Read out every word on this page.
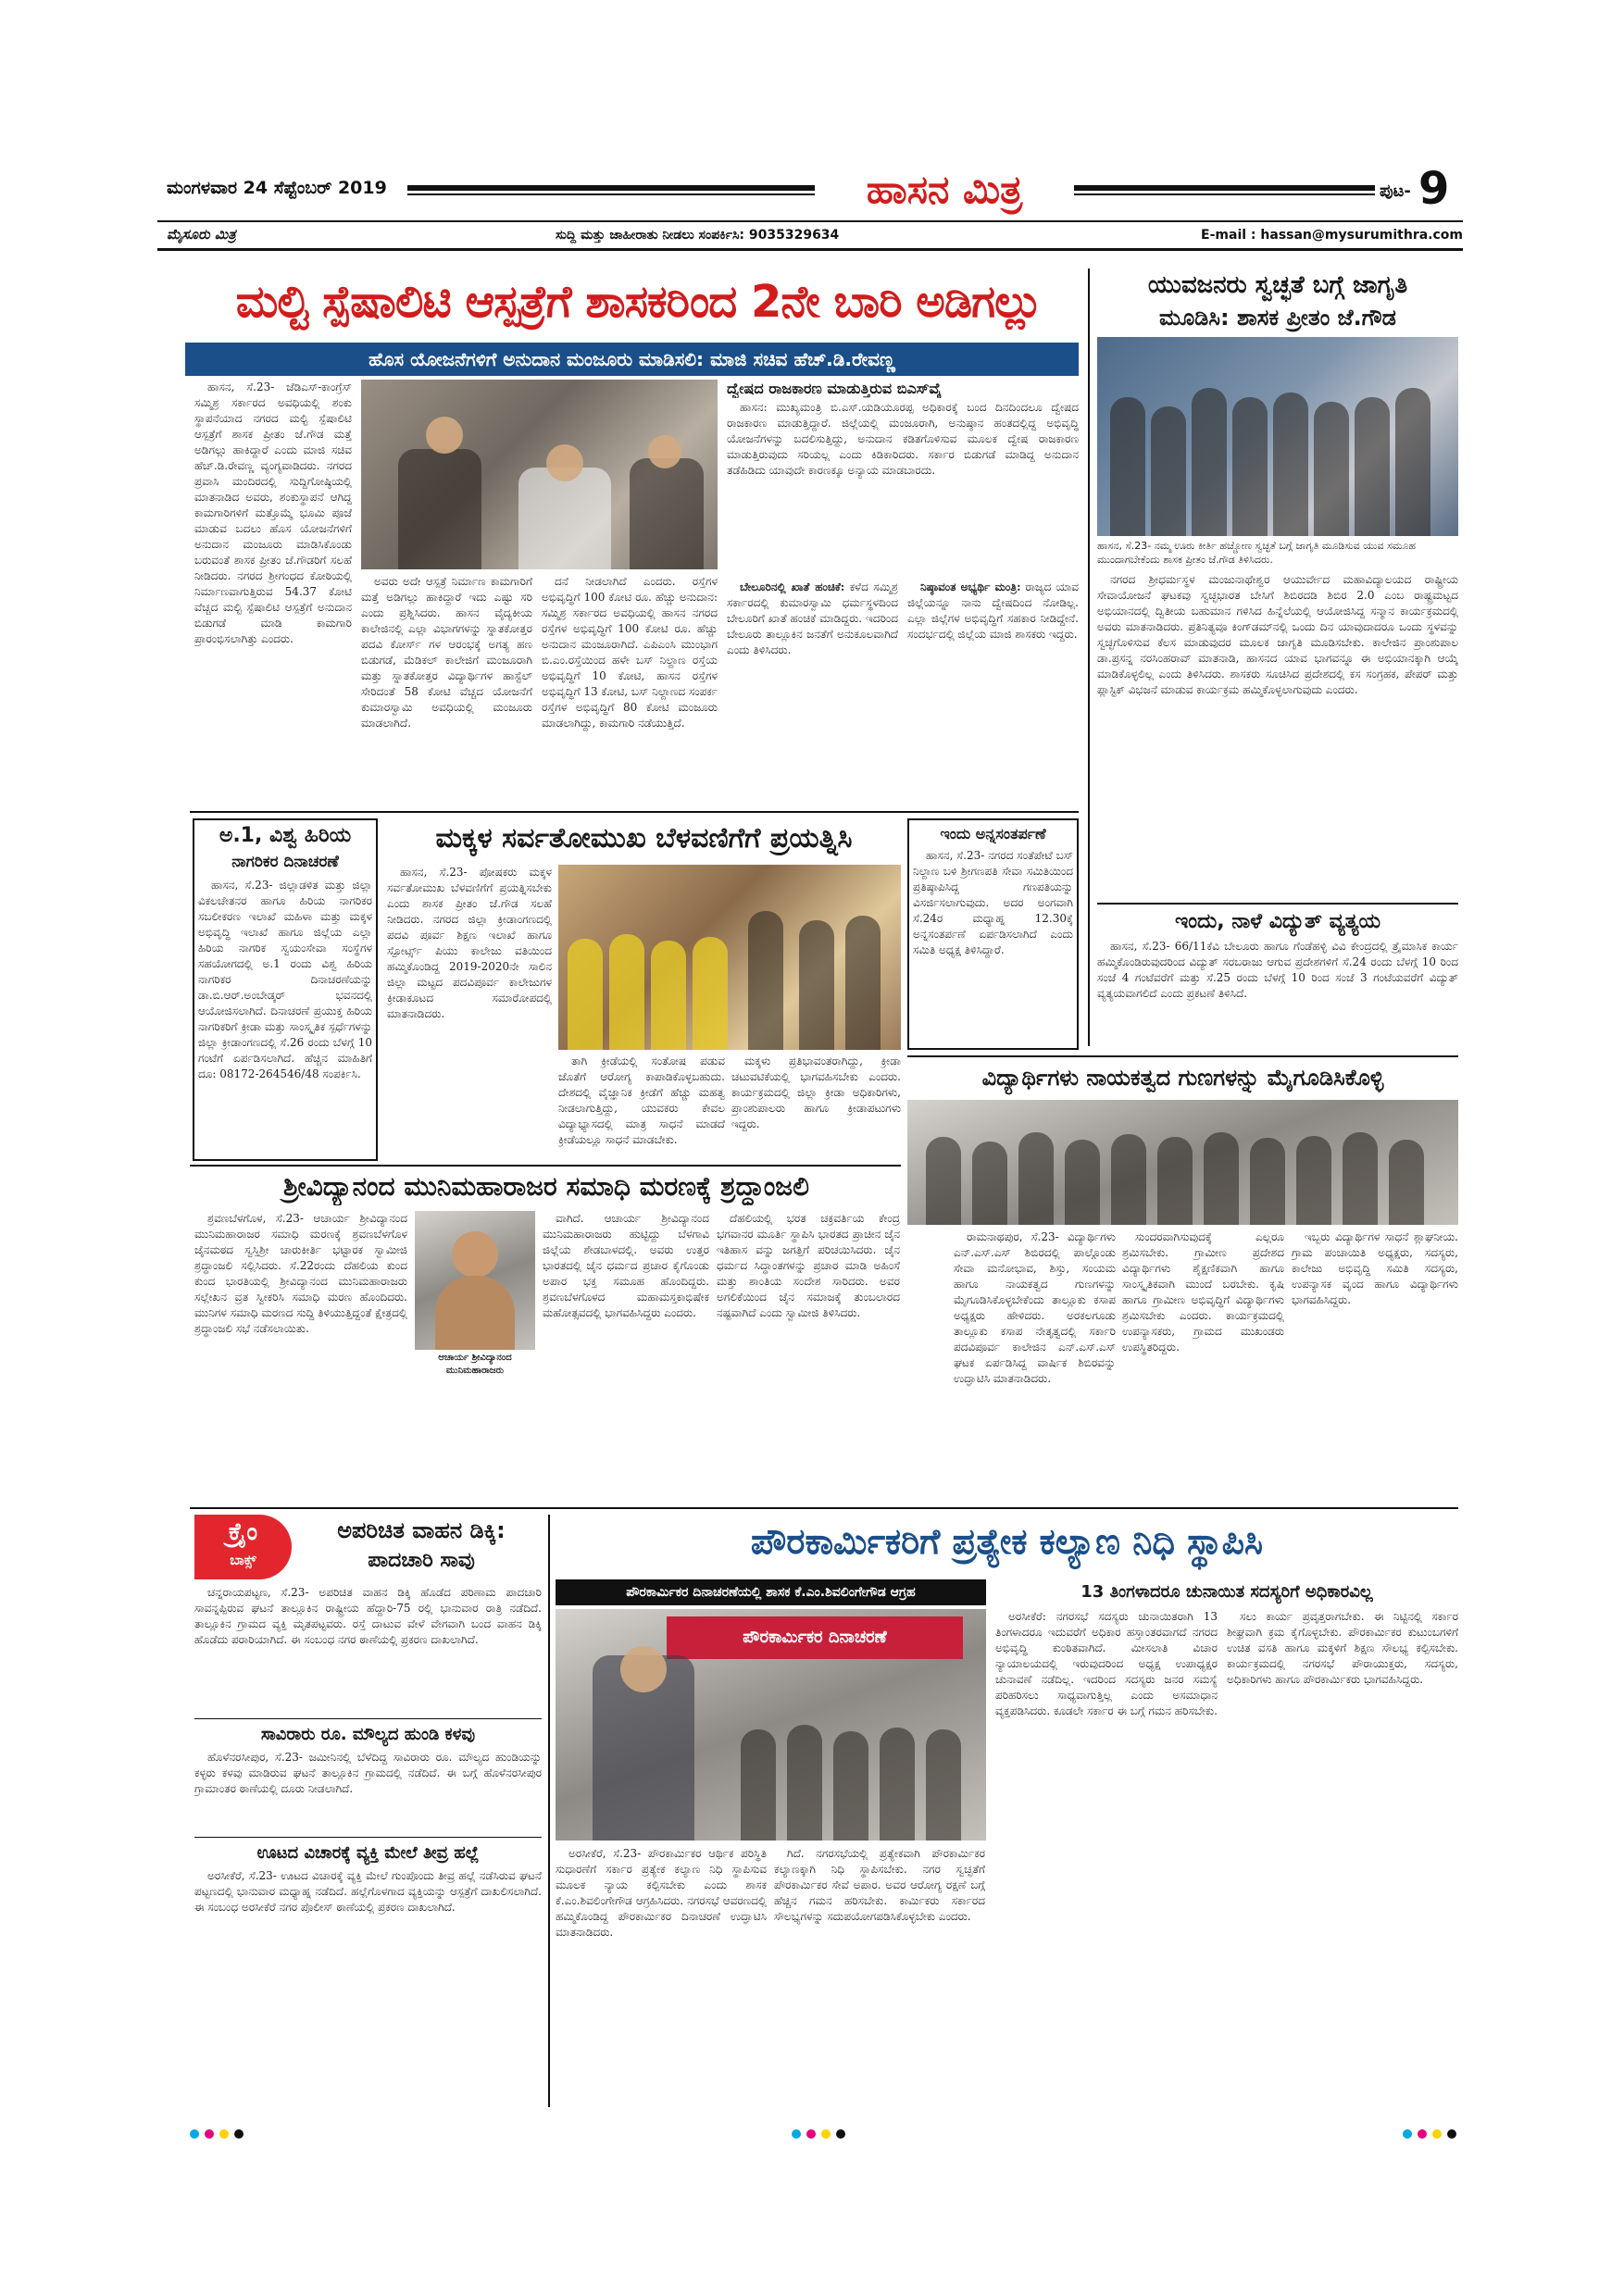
ಮಂಗಳವಾರ 24 ಸೆಪ್ಟೆಂಬರ್ 2019	ಹಾಸನ ಮಿತ್ರ	ಪುಟ- 9
ಮೈಸೂರು ಮಿತ್ರ	ಸುದ್ದಿ ಮತ್ತು ಜಾಹೀರಾತು ನೀಡಲು ಸಂಪರ್ಕಿಸಿ: 9035329634	E-mail : hassan@mysurumithra.com
ಮಲ್ಟಿ ಸ್ಪೆಷಾಲಿಟಿ ಆಸ್ಪತ್ರೆಗೆ ಶಾಸಕರಿಂದ 2ನೇ ಬಾರಿ ಅಡಿಗಲ್ಲು
ಹೊಸ ಯೋಜನೆಗಳಿಗೆ ಅನುದಾನ ಮಂಜೂರು ಮಾಡಿಸಲಿ: ಮಾಜಿ ಸಚಿವ ಹೆಚ್.ಡಿ.ರೇವಣ್ಣ

ಹಾಸನ, ಸೆ.23- ಜೆಡಿಎಸ್-ಕಾಂಗ್ರೆಸ್ ಸಮ್ಮಿಶ್ರ ಸರ್ಕಾರದ ಅವಧಿಯಲ್ಲಿ ಶಂಕು ಸ್ಥಾಪನೆಯಾದ ನಗರದ ಮಲ್ಟಿ ಸ್ಪೆಷಾಲಿಟಿ ಆಸ್ಪತ್ರೆಗೆ ಶಾಸಕ ಪ್ರೀತಂ ಜೆ.ಗೌಡ ಮತ್ತೆ ಅಡಿಗಲ್ಲು ಹಾಕಿದ್ದಾರೆ ಎಂದು ಮಾಜಿ ಸಚಿವ ಹೆಚ್.ಡಿ.ರೇವಣ್ಣ ವ್ಯಂಗ್ಯವಾಡಿದರು. ನಗರದ ಪ್ರವಾಸಿ ಮಂದಿರದಲ್ಲಿ ಸುದ್ದಿಗೋಷ್ಠಿಯಲ್ಲಿ ಮಾತನಾಡಿದ ಅವರು, ಶಂಕುಸ್ಥಾಪನೆ ಆಗಿದ್ದ ಕಾಮಗಾರಿಗಳಿಗೆ ಮತ್ತೊಮ್ಮೆ ಭೂಮಿ ಪೂಜೆ ಮಾಡುವ ಬದಲು ಹೊಸ ಯೋಜನೆಗಳಿಗೆ ಅನುದಾನ ಮಂಜೂರು ಮಾಡಿಸಿಕೊಂಡು ಬರುವಂತೆ ಶಾಸಕ ಪ್ರೀತಂ ಜೆ.ಗೌಡರಿಗೆ ಸಲಹೆ ನೀಡಿದರು. ನಗರದ ಶ್ರೀಗಂಧದ ಕೋಠಿಯಲ್ಲಿ ನಿರ್ಮಾಣವಾಗುತ್ತಿರುವ 54.37 ಕೋಟಿ ವೆಚ್ಚದ ಮಲ್ಟಿ ಸ್ಪೆಷಾಲಿಟಿ ಆಸ್ಪತ್ರೆಗೆ ಅನುದಾನ ಬಿಡುಗಡೆ ಮಾಡಿ ಕಾಮಗಾರಿ ಪ್ರಾರಂಭಿಸಲಾಗಿತ್ತು ಎಂದರು.

ಅವರು ಅದೇ ಆಸ್ಪತ್ರೆ ನಿರ್ಮಾಣ ಕಾಮಗಾರಿಗೆ ಮತ್ತೆ ಅಡಿಗಲ್ಲು ಹಾಕಿದ್ದಾರೆ ಇದು ಎಷ್ಟು ಸರಿ ಎಂದು ಪ್ರಶ್ನಿಸಿದರು. ಹಾಸನ ವೈದ್ಯಕೀಯ ಕಾಲೇಜಿನಲ್ಲಿ ಎಲ್ಲಾ ವಿಭಾಗಗಳನ್ನು ಸ್ನಾತಕೋತ್ತರ ಪದವಿ ಕೋರ್ಸ್ ಗಳ ಆರಂಭಕ್ಕೆ ಅಗತ್ಯ ಹಣ ಬಿಡುಗಡೆ, ಮೆಡಿಕಲ್ ಕಾಲೇಜಿಗೆ ಮಂಜೂರಾಗಿ ಮತ್ತು ಸ್ನಾತಕೋತ್ತರ ವಿದ್ಯಾರ್ಥಿಗಳ ಹಾಸ್ಟೆಲ್ ಸೇರಿದಂತೆ 58 ಕೋಟಿ ವೆಚ್ಚದ ಯೋಜನೆಗೆ ಕುಮಾರಸ್ವಾಮಿ ಅವಧಿಯಲ್ಲಿ ಮಂಜೂರು ಮಾಡಲಾಗಿದೆ.

ದನೆ ನೀಡಲಾಗಿದೆ ಎಂದರು. ರಸ್ತೆಗಳ ಅಭಿವೃದ್ಧಿಗೆ 100 ಕೋಟಿ ರೂ. ಹೆಚ್ಚು ಅನುದಾನ: ಸಮ್ಮಿಶ್ರ ಸರ್ಕಾರದ ಅವಧಿಯಲ್ಲಿ ಹಾಸನ ನಗರದ ರಸ್ತೆಗಳ ಅಭಿವೃದ್ಧಿಗೆ 100 ಕೋಟಿ ರೂ. ಹೆಚ್ಚು ಅನುದಾನ ಮಂಜೂರಾಗಿದೆ. ಎಪಿಎಂಸಿ ಮುಂಭಾಗ ಬಿ.ಎಂ.ರಸ್ತೆಯಿಂದ ಹಳೇ ಬಸ್ ನಿಲ್ದಾಣ ರಸ್ತೆಯ ಅಭಿವೃದ್ಧಿಗೆ 10 ಕೋಟಿ, ಹಾಸನ ರಸ್ತೆಗಳ ಅಭಿವೃದ್ಧಿಗೆ 13 ಕೋಟಿ, ಬಸ್ ನಿಲ್ದಾಣದ ಸಂಪರ್ಕ ರಸ್ತೆಗಳ ಅಭಿವೃದ್ಧಿಗೆ 80 ಕೋಟಿ ಮಂಜೂರು ಮಾಡಲಾಗಿದ್ದು, ಕಾಮಗಾರಿ ನಡೆಯುತ್ತಿದೆ.

ದ್ವೇಷದ ರಾಜಕಾರಣ ಮಾಡುತ್ತಿರುವ ಬಿಎಸ್‌ವೈ

ಹಾಸನ: ಮುಖ್ಯಮಂತ್ರಿ ಬಿ.ಎಸ್.ಯಡಿಯೂರಪ್ಪ ಅಧಿಕಾರಕ್ಕೆ ಬಂದ ದಿನದಿಂದಲೂ ದ್ವೇಷದ ರಾಜಕಾರಣ ಮಾಡುತ್ತಿದ್ದಾರೆ. ಜಿಲ್ಲೆಯಲ್ಲಿ ಮಂಜೂರಾಗಿ, ಅನುಷ್ಠಾನ ಹಂತದಲ್ಲಿದ್ದ ಅಭಿವೃದ್ಧಿ ಯೋಜನೆಗಳನ್ನು ಬದಲಿಸುತ್ತಿದ್ದು, ಅನುದಾನ ಕಡಿತಗೊಳಿಸುವ ಮೂಲಕ ದ್ವೇಷ ರಾಜಕಾರಣ ಮಾಡುತ್ತಿರುವುದು ಸರಿಯಲ್ಲ ಎಂದು ಕಿಡಿಕಾರಿದರು. ಸರ್ಕಾರ ಬಿಡುಗಡೆ ಮಾಡಿದ್ದ ಅನುದಾನ ತಡೆಹಿಡಿದು ಯಾವುದೇ ಕಾರಣಕ್ಕೂ ಅನ್ಯಾಯ ಮಾಡಬಾರದು.

ಬೇಲೂರಿನಲ್ಲಿ ಖಾತೆ ಹಂಚಿಕೆ: ಕಳೆದ ಸಮ್ಮಿಶ್ರ ಸರ್ಕಾರದಲ್ಲಿ ಕುಮಾರಸ್ವಾಮಿ ಧರ್ಮಸ್ಥಳದಿಂದ ಬೇಲೂರಿಗೆ ಖಾತೆ ಹಂಚಿಕೆ ಮಾಡಿದ್ದರು. ಇದರಿಂದ ಬೇಲೂರು ತಾಲ್ಲೂಕಿನ ಜನತೆಗೆ ಅನುಕೂಲವಾಗಿದೆ ಎಂದು ತಿಳಿಸಿದರು.

ನಿಷ್ಠಾವಂತ ಅಭ್ಯರ್ಥಿ ಮಂತ್ರಿ: ರಾಜ್ಯದ ಯಾವ ಜಿಲ್ಲೆಯನ್ನೂ ನಾನು ದ್ವೇಷದಿಂದ ನೋಡಿಲ್ಲ. ಎಲ್ಲಾ ಜಿಲ್ಲೆಗಳ ಅಭಿವೃದ್ಧಿಗೆ ಸಹಕಾರ ನೀಡಿದ್ದೇನೆ. ಸಂದರ್ಭದಲ್ಲಿ ಜಿಲ್ಲೆಯ ಮಾಜಿ ಶಾಸಕರು ಇದ್ದರು.

ಯುವಜನರು ಸ್ವಚ್ಛತೆ ಬಗ್ಗೆ ಜಾಗೃತಿ
ಮೂಡಿಸಿ: ಶಾಸಕ ಪ್ರೀತಂ ಜೆ.ಗೌಡ
ಹಾಸನ, ಸೆ.23- ನಮ್ಮ ಊರು ಕೀರ್ತಿ ಹಚ್ಚೋಣ ಸ್ವಚ್ಛತೆ ಬಗ್ಗೆ ಜಾಗೃತಿ ಮೂಡಿಸುವ ಯುವ ಸಮೂಹ ಮುಂದಾಗಬೇಕೆಂದು ಶಾಸಕ ಪ್ರೀತಂ ಜೆ.ಗೌಡ ತಿಳಿಸಿದರು.

ನಗರದ ಶ್ರೀಧರ್ಮಸ್ಥಳ ಮಂಜುನಾಥೇಶ್ವರ ಆಯುರ್ವೇದ ಮಹಾವಿದ್ಯಾಲಯದ ರಾಷ್ಟ್ರೀಯ ಸೇವಾಯೋಜನೆ ಘಟಕವು ಸ್ವಚ್ಛಭಾರತ ಬೇಸಿಗೆ ಶಿಬಿರದಡಿ ಶಿಬಿರ 2.0 ಎಂಬ ರಾಷ್ಟ್ರಮಟ್ಟದ ಅಭಿಯಾನದಲ್ಲಿ ದ್ವಿತೀಯ ಬಹುಮಾನ ಗಳಿಸಿದ ಹಿನ್ನೆಲೆಯಲ್ಲಿ ಆಯೋಜಿಸಿದ್ದ ಸನ್ಮಾನ ಕಾರ್ಯಕ್ರಮದಲ್ಲಿ ಅವರು ಮಾತನಾಡಿದರು. ಪ್ರತಿನಿತ್ಯವೂ ಕಿಂಗ್‌ಡಮ್‌ನಲ್ಲಿ ಒಂದು ದಿನ ಯಾವುದಾದರೂ ಒಂದು ಸ್ಥಳವನ್ನು ಸ್ವಚ್ಛಗೊಳಿಸುವ ಕೆಲಸ ಮಾಡುವುದರ ಮೂಲಕ ಜಾಗೃತಿ ಮೂಡಿಸಬೇಕು. ಕಾಲೇಜಿನ ಪ್ರಾಂಶುಪಾಲ ಡಾ.ಪ್ರಸನ್ನ ನರಸಿಂಹರಾವ್ ಮಾತನಾಡಿ, ಹಾಸನದ ಯಾವ ಭಾಗವನ್ನೂ ಈ ಅಭಿಯಾನಕ್ಕಾಗಿ ಆಯ್ಕೆ ಮಾಡಿಕೊಳ್ಳಲಿಲ್ಲ ಎಂದು ತಿಳಿಸಿದರು. ಶಾಸಕರು ಸೂಚಿಸಿದ ಪ್ರದೇಶದಲ್ಲಿ ಕಸ ಸಂಗ್ರಹಕ, ಪೇಪರ್ ಮತ್ತು ಪ್ಲಾಸ್ಟಿಕ್ ವಿಭಜನೆ ಮಾಡುವ ಕಾರ್ಯಕ್ರಮ ಹಮ್ಮಿಕೊಳ್ಳಲಾಗುವುದು ಎಂದರು.

ಇಂದು, ನಾಳೆ ವಿದ್ಯುತ್ ವ್ಯತ್ಯಯ

ಹಾಸನ, ಸೆ.23- 66/11ಕೆವಿ ಬೇಲೂರು ಹಾಗೂ ಗೆಂಡೆಹಳ್ಳಿ ವಿವಿ ಕೇಂದ್ರದಲ್ಲಿ ತ್ರೈಮಾಸಿಕ ಕಾರ್ಯ ಹಮ್ಮಿಕೊಂಡಿರುವುದರಿಂದ ವಿದ್ಯುತ್ ಸರಬರಾಜು ಆಗುವ ಪ್ರದೇಶಗಳಿಗೆ ಸೆ.24 ರಂದು ಬೆಳಗ್ಗೆ 10 ರಿಂದ ಸಂಜೆ 4 ಗಂಟೆವರೆಗೆ ಮತ್ತು ಸೆ.25 ರಂದು ಬೆಳಗ್ಗೆ 10 ರಿಂದ ಸಂಜೆ 3 ಗಂಟೆಯವರೆಗೆ ವಿದ್ಯುತ್ ವ್ಯತ್ಯಯವಾಗಲಿದೆ ಎಂದು ಪ್ರಕಟಣೆ ತಿಳಿಸಿದೆ.

ಅ.1, ವಿಶ್ವ ಹಿರಿಯ
ನಾಗರಿಕರ ದಿನಾಚರಣೆ

ಹಾಸನ, ಸೆ.23- ಜಿಲ್ಲಾಡಳಿತ ಮತ್ತು ಜಿಲ್ಲಾ ವಿಕಲಚೇತನರ ಹಾಗೂ ಹಿರಿಯ ನಾಗರಿಕರ ಸಬಲೀಕರಣ ಇಲಾಖೆ ಮಹಿಳಾ ಮತ್ತು ಮಕ್ಕಳ ಅಭಿವೃದ್ಧಿ ಇಲಾಖೆ ಹಾಗೂ ಜಿಲ್ಲೆಯ ಎಲ್ಲಾ ಹಿರಿಯ ನಾಗರಿಕ ಸ್ವಯಂಸೇವಾ ಸಂಸ್ಥೆಗಳ ಸಹಯೋಗದಲ್ಲಿ ಅ.1 ರಂದು ವಿಶ್ವ ಹಿರಿಯ ನಾಗರಿಕರ ದಿನಾಚರಣೆಯನ್ನು ಡಾ.ಬಿ.ಆರ್.ಅಂಬೇಡ್ಕರ್ ಭವನದಲ್ಲಿ ಆಯೋಜಿಸಲಾಗಿದೆ. ದಿನಾಚರಣೆ ಪ್ರಯುಕ್ತ ಹಿರಿಯ ನಾಗರಿಕರಿಗೆ ಕ್ರೀಡಾ ಮತ್ತು ಸಾಂಸ್ಕೃತಿಕ ಸ್ಪರ್ಧೆಗಳನ್ನು ಜಿಲ್ಲಾ ಕ್ರೀಡಾಂಗಣದಲ್ಲಿ ಸೆ.26 ರಂದು ಬೆಳಗ್ಗೆ 10 ಗಂಟೆಗೆ ಏರ್ಪಡಿಸಲಾಗಿದೆ. ಹೆಚ್ಚಿನ ಮಾಹಿತಿಗೆ ದೂ: 08172-264546/48 ಸಂಪರ್ಕಿಸಿ.

ಮಕ್ಕಳ ಸರ್ವತೋಮುಖ ಬೆಳವಣಿಗೆಗೆ ಪ್ರಯತ್ನಿಸಿ

ಹಾಸನ, ಸೆ.23- ಪೋಷಕರು ಮಕ್ಕಳ ಸರ್ವತೋಮುಖ ಬೆಳವಣಿಗೆಗೆ ಪ್ರಯತ್ನಿಸಬೇಕು ಎಂದು ಶಾಸಕ ಪ್ರೀತಂ ಜೆ.ಗೌಡ ಸಲಹೆ ನೀಡಿದರು. ನಗರದ ಜಿಲ್ಲಾ ಕ್ರೀಡಾಂಗಣದಲ್ಲಿ ಪದವಿ ಪೂರ್ವ ಶಿಕ್ಷಣ ಇಲಾಖೆ ಹಾಗೂ ಸ್ಪೋರ್ಟ್ಸ್ ಪಿಯು ಕಾಲೇಜು ವತಿಯಿಂದ ಹಮ್ಮಿಕೊಂಡಿದ್ದ 2019-2020ನೇ ಸಾಲಿನ ಜಿಲ್ಲಾ ಮಟ್ಟದ ಪದವಿಪೂರ್ವ ಕಾಲೇಜುಗಳ ಕ್ರೀಡಾಕೂಟದ ಸಮಾರೋಪದಲ್ಲಿ ಮಾತನಾಡಿದರು.

ತಾಗಿ ಕ್ರೀಡೆಯಲ್ಲಿ ಸಂತೋಷ ಪಡುವ ಜೊತೆಗೆ ಆರೋಗ್ಯ ಕಾಪಾಡಿಕೊಳ್ಳಬಹುದು. ದೇಶದಲ್ಲಿ ವೈಜ್ಞಾನಿಕ ಕ್ರೀಡೆಗೆ ಹೆಚ್ಚು ಮಹತ್ವ ನೀಡಲಾಗುತ್ತಿದ್ದು, ಯುವಕರು ಕೇವಲ ವಿದ್ಯಾಭ್ಯಾಸದಲ್ಲಿ ಮಾತ್ರ ಸಾಧನೆ ಮಾಡದೆ ಕ್ರೀಡೆಯಲ್ಲೂ ಸಾಧನೆ ಮಾಡಬೇಕು.

ಮಕ್ಕಳು ಪ್ರತಿಭಾವಂತರಾಗಿದ್ದು, ಕ್ರೀಡಾ ಚಟುವಟಿಕೆಯಲ್ಲಿ ಭಾಗವಹಿಸಬೇಕು ಎಂದರು. ಕಾರ್ಯಕ್ರಮದಲ್ಲಿ ಜಿಲ್ಲಾ ಕ್ರೀಡಾ ಅಧಿಕಾರಿಗಳು, ಪ್ರಾಂಶುಪಾಲರು ಹಾಗೂ ಕ್ರೀಡಾಪಟುಗಳು ಇದ್ದರು.

ಇಂದು ಅನ್ನಸಂತರ್ಪಣೆ

ಹಾಸನ, ಸೆ.23- ನಗರದ ಸಂತೆಪೇಟೆ ಬಸ್ ನಿಲ್ದಾಣ ಬಳಿ ಶ್ರೀಗಣಪತಿ ಸೇವಾ ಸಮಿತಿಯಿಂದ ಪ್ರತಿಷ್ಠಾಪಿಸಿದ್ದ ಗಣಪತಿಯನ್ನು ವಿಸರ್ಜಿಸಲಾಗುವುದು. ಅದರ ಅಂಗವಾಗಿ ಸೆ.24ರ ಮಧ್ಯಾಹ್ನ 12.30ಕ್ಕೆ ಅನ್ನಸಂತರ್ಪಣೆ ಏರ್ಪಡಿಸಲಾಗಿದೆ ಎಂದು ಸಮಿತಿ ಅಧ್ಯಕ್ಷ ತಿಳಿಸಿದ್ದಾರೆ.

ವಿದ್ಯಾರ್ಥಿಗಳು ನಾಯಕತ್ವದ ಗುಣಗಳನ್ನು ಮೈಗೂಡಿಸಿಕೊಳ್ಳಿ

ರಾಮನಾಥಪುರ, ಸೆ.23- ವಿದ್ಯಾರ್ಥಿಗಳು ಎನ್.ಎಸ್.ಎಸ್ ಶಿಬಿರದಲ್ಲಿ ಪಾಲ್ಗೊಂಡು ಸೇವಾ ಮನೋಭಾವ, ಶಿಸ್ತು, ಸಂಯಮ ಹಾಗೂ ನಾಯಕತ್ವದ ಗುಣಗಳನ್ನು ಮೈಗೂಡಿಸಿಕೊಳ್ಳಬೇಕೆಂದು ತಾಲ್ಲೂಕು ಕಸಾಪ ಅಧ್ಯಕ್ಷರು ಹೇಳಿದರು. ಅರಕಲಗೂಡು ತಾಲ್ಲೂಕು ಕಸಾಪ ನೇತೃತ್ವದಲ್ಲಿ ಸರ್ಕಾರಿ ಪದವಿಪೂರ್ವ ಕಾಲೇಜಿನ ಎನ್.ಎಸ್.ಎಸ್ ಘಟಕ ಏರ್ಪಡಿಸಿದ್ದ ವಾರ್ಷಿಕ ಶಿಬಿರವನ್ನು ಉದ್ಘಾಟಿಸಿ ಮಾತನಾಡಿದರು.

ಸುಂದರವಾಗಿಸುವುದಕ್ಕೆ ಎಲ್ಲರೂ ಶ್ರಮಿಸಬೇಕು. ಗ್ರಾಮೀಣ ಪ್ರದೇಶದ ವಿದ್ಯಾರ್ಥಿಗಳು ಶೈಕ್ಷಣಿಕವಾಗಿ ಹಾಗೂ ಸಾಂಸ್ಕೃತಿಕವಾಗಿ ಮುಂದೆ ಬರಬೇಕು. ಕೃಷಿ ಹಾಗೂ ಗ್ರಾಮೀಣ ಅಭಿವೃದ್ಧಿಗೆ ವಿದ್ಯಾರ್ಥಿಗಳು ಶ್ರಮಿಸಬೇಕು ಎಂದರು. ಕಾರ್ಯಕ್ರಮದಲ್ಲಿ ಉಪನ್ಯಾಸಕರು, ಗ್ರಾಮದ ಮುಖಂಡರು ಉಪಸ್ಥಿತರಿದ್ದರು.

ಇಬ್ಬರು ವಿದ್ಯಾರ್ಥಿಗಳ ಸಾಧನೆ ಶ್ಲಾಘನೀಯ. ಗ್ರಾಮ ಪಂಚಾಯಿತಿ ಅಧ್ಯಕ್ಷರು, ಸದಸ್ಯರು, ಕಾಲೇಜು ಅಭಿವೃದ್ಧಿ ಸಮಿತಿ ಸದಸ್ಯರು, ಉಪನ್ಯಾಸಕ ವೃಂದ ಹಾಗೂ ವಿದ್ಯಾರ್ಥಿಗಳು ಭಾಗವಹಿಸಿದ್ದರು.

ಶ್ರೀವಿದ್ಯಾನಂದ ಮುನಿಮಹಾರಾಜರ ಸಮಾಧಿ ಮರಣಕ್ಕೆ ಶ್ರದ್ಧಾಂಜಲಿ

ಶ್ರವಣಬೆಳಗೊಳ, ಸೆ.23- ಆಚಾರ್ಯ ಶ್ರೀವಿದ್ಯಾನಂದ ಮುನಿಮಹಾರಾಜರ ಸಮಾಧಿ ಮರಣಕ್ಕೆ ಶ್ರವಣಬೆಳಗೊಳ ಜೈನಮಠದ ಸ್ವಸ್ತಿಶ್ರೀ ಚಾರುಕೀರ್ತಿ ಭಟ್ಟಾರಕ ಸ್ವಾಮೀಜಿ ಶ್ರದ್ಧಾಂಜಲಿ ಸಲ್ಲಿಸಿದರು. ಸೆ.22ರಂದು ದೆಹಲಿಯ ಕುಂದ ಕುಂದ ಭಾರತಿಯಲ್ಲಿ ಶ್ರೀವಿದ್ಯಾನಂದ ಮುನಿಮಹಾರಾಜರು ಸಲ್ಲೇಖನ ವ್ರತ ಸ್ವೀಕರಿಸಿ ಸಮಾಧಿ ಮರಣ ಹೊಂದಿದರು. ಮುನಿಗಳ ಸಮಾಧಿ ಮರಣದ ಸುದ್ದಿ ತಿಳಿಯುತ್ತಿದ್ದಂತೆ ಕ್ಷೇತ್ರದಲ್ಲಿ ಶ್ರದ್ಧಾಂಜಲಿ ಸಭೆ ನಡೆಸಲಾಯಿತು.

ಆಚಾರ್ಯ ಶ್ರೀವಿದ್ಯಾನಂದ ಮುನಿಮಹಾರಾಜರು

ವಾಗಿದೆ. ಆಚಾರ್ಯ ಶ್ರೀವಿದ್ಯಾನಂದ ಮುನಿಮಹಾರಾಜರು ಹುಟ್ಟಿದ್ದು ಬೆಳಗಾವಿ ಜಿಲ್ಲೆಯ ಶೇಡಬಾಳದಲ್ಲಿ. ಅವರು ಉತ್ತರ ಭಾರತದಲ್ಲಿ ಜೈನ ಧರ್ಮದ ಪ್ರಚಾರ ಕೈಗೊಂಡು ಅಪಾರ ಭಕ್ತ ಸಮೂಹ ಹೊಂದಿದ್ದರು. ಶ್ರವಣಬೆಳಗೊಳದ ಮಹಾಮಸ್ತಕಾಭಿಷೇಕ ಮಹೋತ್ಸವದಲ್ಲಿ ಭಾಗವಹಿಸಿದ್ದರು ಎಂದರು.

ದೆಹಲಿಯಲ್ಲಿ ಭರತ ಚಕ್ರವರ್ತಿಯ ಕೇಂದ್ರ ಭಗವಾನರ ಮೂರ್ತಿ ಸ್ಥಾಪಿಸಿ ಭಾರತದ ಪ್ರಾಚೀನ ಜೈನ ಇತಿಹಾಸ ವನ್ನು ಜಗತ್ತಿಗೆ ಪರಿಚಯಿಸಿದರು. ಜೈನ ಧರ್ಮದ ಸಿದ್ಧಾಂತಗಳನ್ನು ಪ್ರಚಾರ ಮಾಡಿ ಅಹಿಂಸೆ ಮತ್ತು ಶಾಂತಿಯ ಸಂದೇಶ ಸಾರಿದರು. ಅವರ ಅಗಲಿಕೆಯಿಂದ ಜೈನ ಸಮಾಜಕ್ಕೆ ತುಂಬಲಾರದ ನಷ್ಟವಾಗಿದೆ ಎಂದು ಸ್ವಾಮೀಜಿ ತಿಳಿಸಿದರು.

ಕ್ರೈಂ
ಬಾಕ್ಸ್
ಅಪರಿಚಿತ ವಾಹನ ಡಿಕ್ಕಿ:
ಪಾದಚಾರಿ ಸಾವು

ಚನ್ನರಾಯಪಟ್ಟಣ, ಸೆ.23- ಅಪರಿಚಿತ ವಾಹನ ಡಿಕ್ಕಿ ಹೊಡೆದ ಪರಿಣಾಮ ಪಾದಚಾರಿ ಸಾವನ್ನಪ್ಪಿರುವ ಘಟನೆ ತಾಲ್ಲೂಕಿನ ರಾಷ್ಟ್ರೀಯ ಹೆದ್ದಾರಿ-75 ರಲ್ಲಿ ಭಾನುವಾರ ರಾತ್ರಿ ನಡೆದಿದೆ. ತಾಲ್ಲೂಕಿನ ಗ್ರಾಮದ ವ್ಯಕ್ತಿ ಮೃತಪಟ್ಟವರು. ರಸ್ತೆ ದಾಟುವ ವೇಳೆ ವೇಗವಾಗಿ ಬಂದ ವಾಹನ ಡಿಕ್ಕಿ ಹೊಡೆದು ಪರಾರಿಯಾಗಿದೆ. ಈ ಸಂಬಂಧ ನಗರ ಠಾಣೆಯಲ್ಲಿ ಪ್ರಕರಣ ದಾಖಲಾಗಿದೆ.

ಸಾವಿರಾರು ರೂ. ಮೌಲ್ಯದ ಹುಂಡಿ ಕಳವು

ಹೊಳೆನರಸೀಪುರ, ಸೆ.23- ಜಮೀನಿನಲ್ಲಿ ಬೆಳೆದಿದ್ದ ಸಾವಿರಾರು ರೂ. ಮೌಲ್ಯದ ಹುಂಡಿಯನ್ನು ಕಳ್ಳರು ಕಳವು ಮಾಡಿರುವ ಘಟನೆ ತಾಲ್ಲೂಕಿನ ಗ್ರಾಮದಲ್ಲಿ ನಡೆದಿದೆ. ಈ ಬಗ್ಗೆ ಹೊಳೆನರಸೀಪುರ ಗ್ರಾಮಾಂತರ ಠಾಣೆಯಲ್ಲಿ ದೂರು ನೀಡಲಾಗಿದೆ.

ಊಟದ ವಿಚಾರಕ್ಕೆ ವ್ಯಕ್ತಿ ಮೇಲೆ ತೀವ್ರ ಹಲ್ಲೆ

ಅರಸೀಕೆರೆ, ಸೆ.23- ಊಟದ ವಿಚಾರಕ್ಕೆ ವ್ಯಕ್ತಿ ಮೇಲೆ ಗುಂಪೊಂದು ತೀವ್ರ ಹಲ್ಲೆ ನಡೆಸಿರುವ ಘಟನೆ ಪಟ್ಟಣದಲ್ಲಿ ಭಾನುವಾರ ಮಧ್ಯಾಹ್ನ ನಡೆದಿದೆ. ಹಲ್ಲೆಗೊಳಗಾದ ವ್ಯಕ್ತಿಯನ್ನು ಆಸ್ಪತ್ರೆಗೆ ದಾಖಲಿಸಲಾಗಿದೆ. ಈ ಸಂಬಂಧ ಅರಸೀಕೆರೆ ನಗರ ಪೊಲೀಸ್ ಠಾಣೆಯಲ್ಲಿ ಪ್ರಕರಣ ದಾಖಲಾಗಿದೆ.

ಪೌರಕಾರ್ಮಿಕರಿಗೆ ಪ್ರತ್ಯೇಕ ಕಲ್ಯಾಣ ನಿಧಿ ಸ್ಥಾಪಿಸಿ
ಪೌರಕಾರ್ಮಿಕರ ದಿನಾಚರಣೆಯಲ್ಲಿ ಶಾಸಕ ಕೆ.ಎಂ.ಶಿವಲಿಂಗೇಗೌಡ ಆಗ್ರಹ
ಪೌರಕಾರ್ಮಿಕರ ದಿನಾಚರಣೆ

ಅರಸೀಕೆರೆ, ಸೆ.23- ಪೌರಕಾರ್ಮಿಕರ ಆರ್ಥಿಕ ಪರಿಸ್ಥಿತಿ ಸುಧಾರಣೆಗೆ ಸರ್ಕಾರ ಪ್ರತ್ಯೇಕ ಕಲ್ಯಾಣ ನಿಧಿ ಸ್ಥಾಪಿಸುವ ಮೂಲಕ ನ್ಯಾಯ ಕಲ್ಪಿಸಬೇಕು ಎಂದು ಶಾಸಕ ಕೆ.ಎಂ.ಶಿವಲಿಂಗೇಗೌಡ ಆಗ್ರಹಿಸಿದರು. ನಗರಸಭೆ ಆವರಣದಲ್ಲಿ ಹಮ್ಮಿಕೊಂಡಿದ್ದ ಪೌರಕಾರ್ಮಿಕರ ದಿನಾಚರಣೆ ಉದ್ಘಾಟಿಸಿ ಮಾತನಾಡಿದರು.

ಗಿದೆ. ನಗರಸಭೆಯಲ್ಲಿ ಪ್ರತ್ಯೇಕವಾಗಿ ಪೌರಕಾರ್ಮಿಕರ ಕಲ್ಯಾಣಕ್ಕಾಗಿ ನಿಧಿ ಸ್ಥಾಪಿಸಬೇಕು. ನಗರ ಸ್ವಚ್ಛತೆಗೆ ಪೌರಕಾರ್ಮಿಕರ ಸೇವೆ ಅಪಾರ. ಅವರ ಆರೋಗ್ಯ ರಕ್ಷಣೆ ಬಗ್ಗೆ ಹೆಚ್ಚಿನ ಗಮನ ಹರಿಸಬೇಕು. ಕಾರ್ಮಿಕರು ಸರ್ಕಾರದ ಸೌಲಭ್ಯಗಳನ್ನು ಸದುಪಯೋಗಪಡಿಸಿಕೊಳ್ಳಬೇಕು ಎಂದರು.

13 ತಿಂಗಳಾದರೂ ಚುನಾಯಿತ ಸದಸ್ಯರಿಗೆ ಅಧಿಕಾರವಿಲ್ಲ

ಅರಸೀಕೆರೆ: ನಗರಸಭೆ ಸದಸ್ಯರು ಚುನಾಯಿತರಾಗಿ 13 ತಿಂಗಳಾದರೂ ಇದುವರೆಗೆ ಅಧಿಕಾರ ಹಸ್ತಾಂತರವಾಗದೆ ನಗರದ ಅಭಿವೃದ್ಧಿ ಕುಂಠಿತವಾಗಿದೆ. ಮೀಸಲಾತಿ ವಿಚಾರ ನ್ಯಾಯಾಲಯದಲ್ಲಿ ಇರುವುದರಿಂದ ಅಧ್ಯಕ್ಷ ಉಪಾಧ್ಯಕ್ಷರ ಚುನಾವಣೆ ನಡೆದಿಲ್ಲ. ಇದರಿಂದ ಸದಸ್ಯರು ಜನರ ಸಮಸ್ಯೆ ಪರಿಹರಿಸಲು ಸಾಧ್ಯವಾಗುತ್ತಿಲ್ಲ ಎಂದು ಅಸಮಾಧಾನ ವ್ಯಕ್ತಪಡಿಸಿದರು. ಕೂಡಲೇ ಸರ್ಕಾರ ಈ ಬಗ್ಗೆ ಗಮನ ಹರಿಸಬೇಕು.

ಸಲು ಕಾರ್ಯ ಪ್ರವೃತ್ತರಾಗಬೇಕು. ಈ ನಿಟ್ಟಿನಲ್ಲಿ ಸರ್ಕಾರ ಶೀಘ್ರವಾಗಿ ಕ್ರಮ ಕೈಗೊಳ್ಳಬೇಕು. ಪೌರಕಾರ್ಮಿಕರ ಕುಟುಂಬಗಳಿಗೆ ಉಚಿತ ವಸತಿ ಹಾಗೂ ಮಕ್ಕಳಿಗೆ ಶಿಕ್ಷಣ ಸೌಲಭ್ಯ ಕಲ್ಪಿಸಬೇಕು. ಕಾರ್ಯಕ್ರಮದಲ್ಲಿ ನಗರಸಭೆ ಪೌರಾಯುಕ್ತರು, ಸದಸ್ಯರು, ಅಧಿಕಾರಿಗಳು ಹಾಗೂ ಪೌರಕಾರ್ಮಿಕರು ಭಾಗವಹಿಸಿದ್ದರು.
